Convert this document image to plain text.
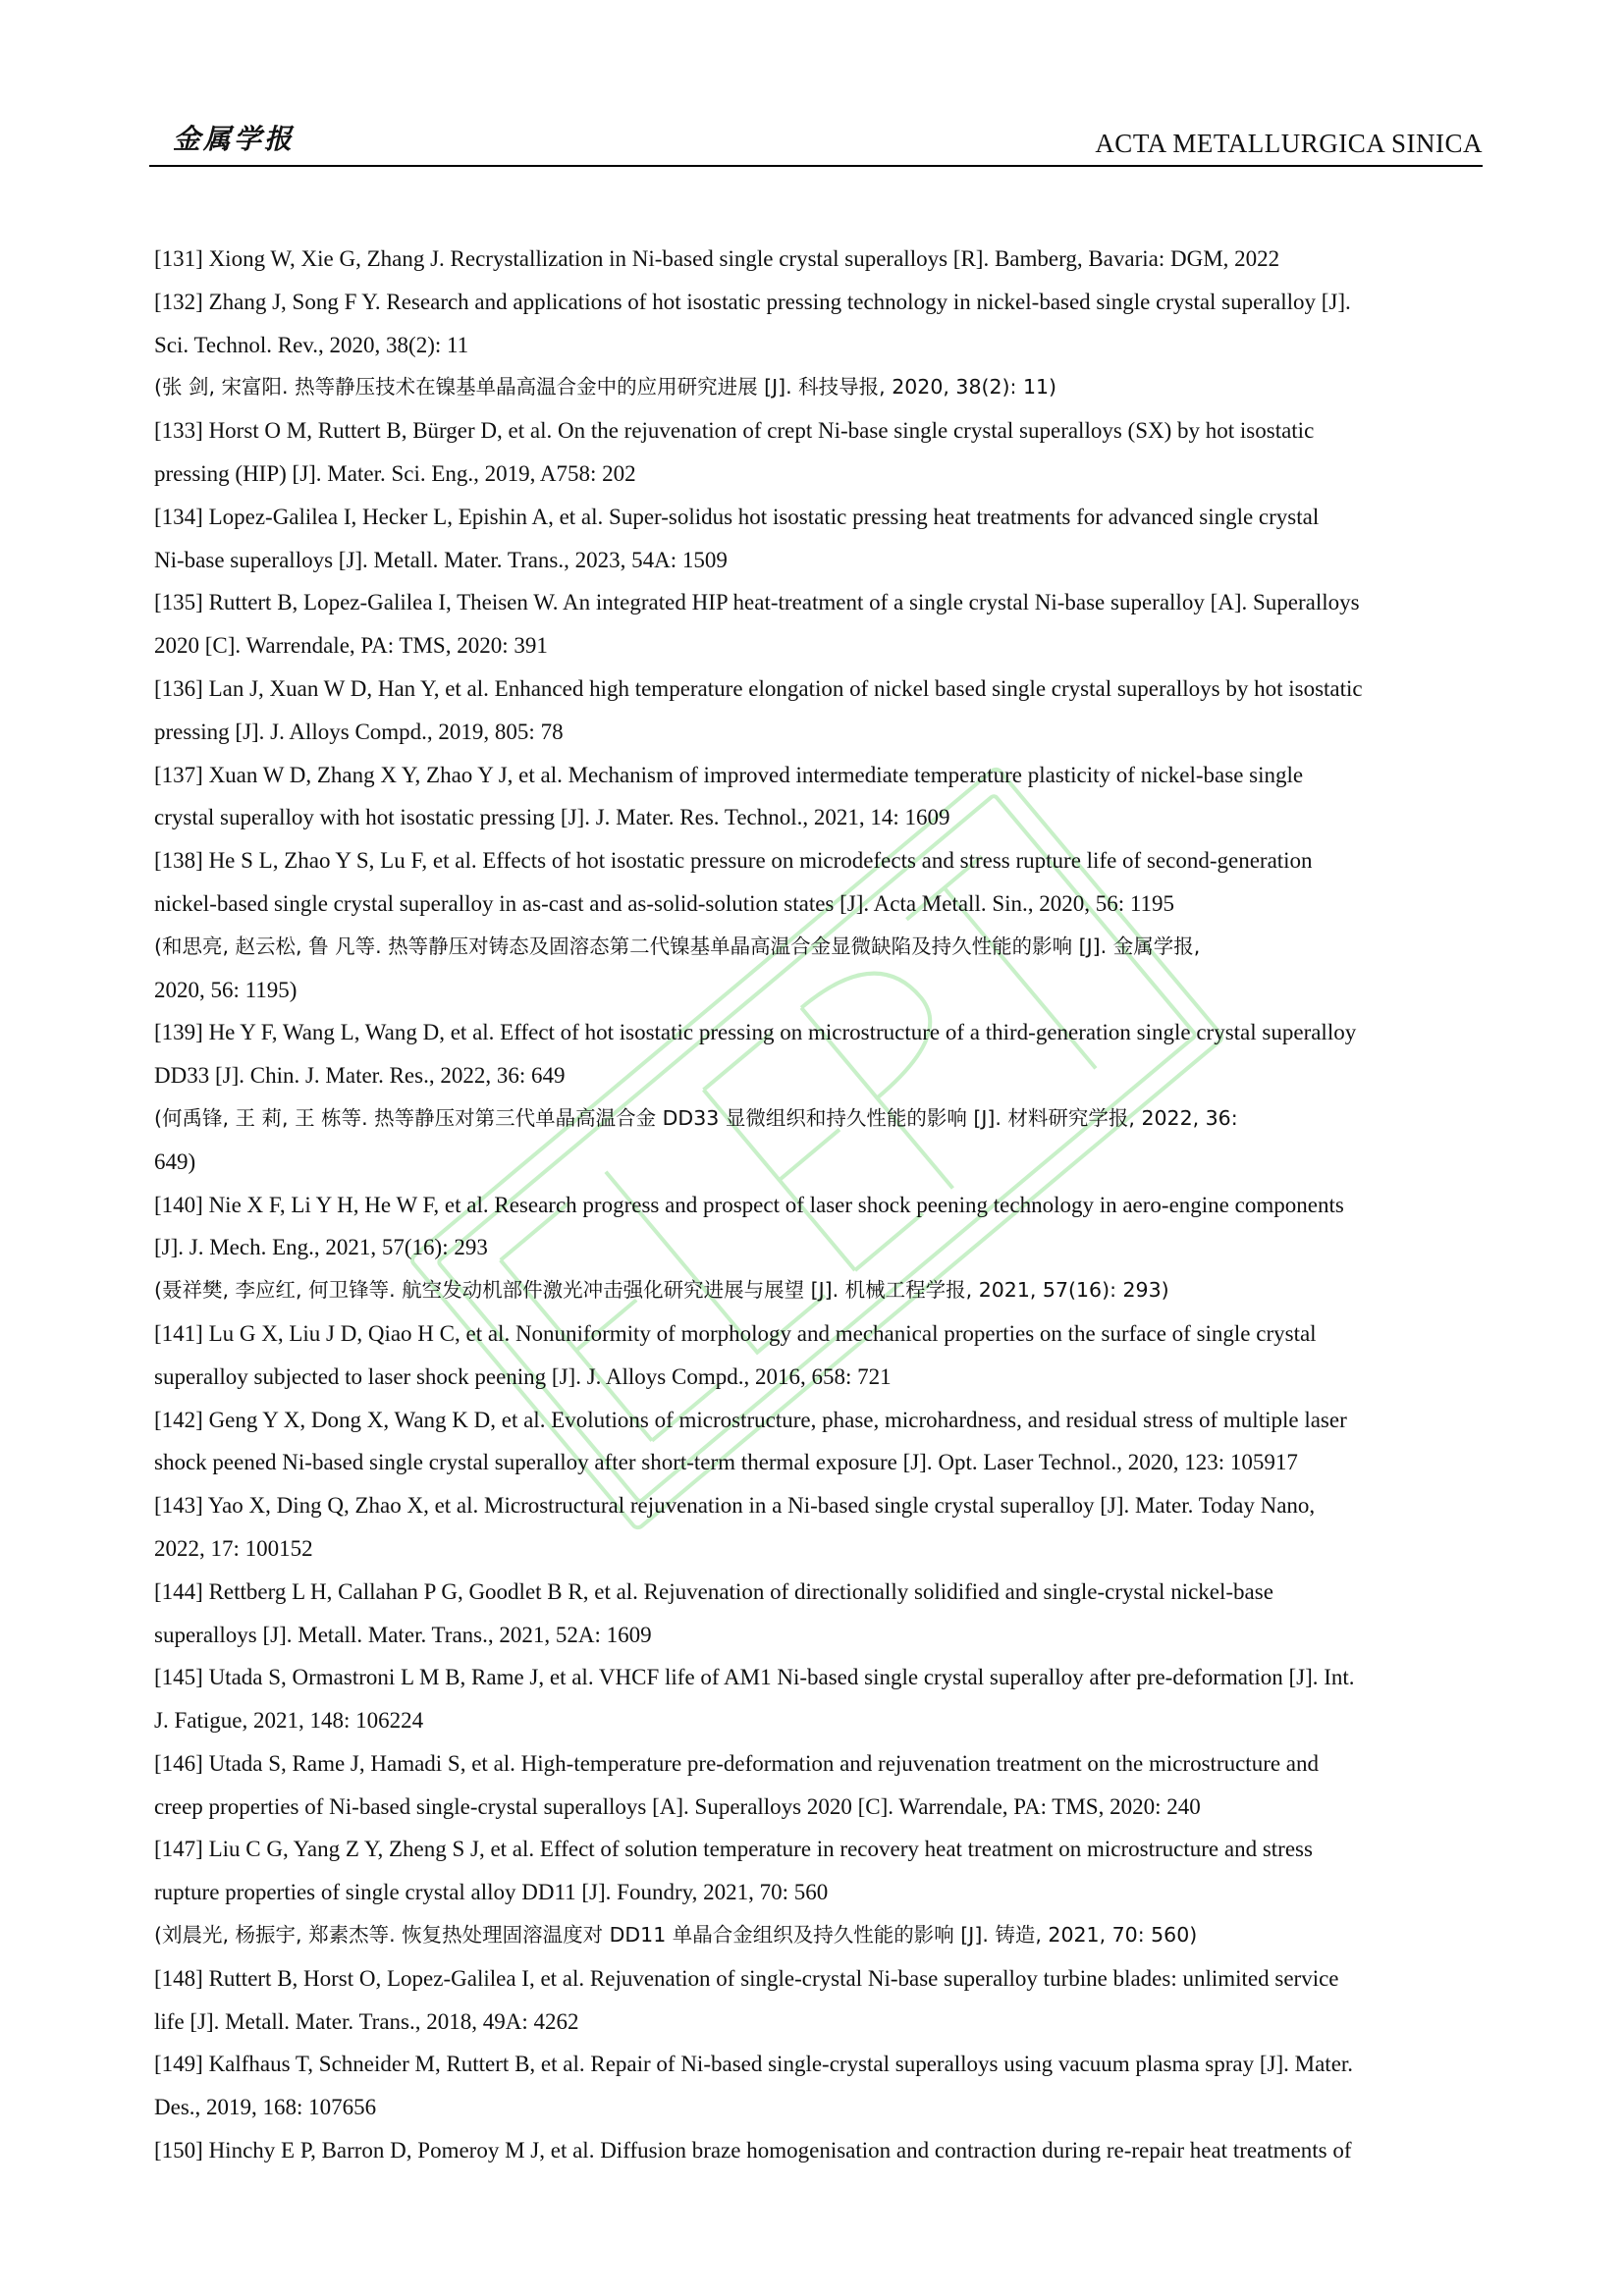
金属学报	ACTA METALLURGICA SINICA
[131] Xiong W, Xie G, Zhang J. Recrystallization in Ni-based single crystal superalloys [R]. Bamberg, Bavaria: DGM, 2022
[132] Zhang J, Song F Y. Research and applications of hot isostatic pressing technology in nickel-based single crystal superalloy [J].
Sci. Technol. Rev., 2020, 38(2): 11
(张 剑, 宋富阳. 热等静压技术在镍基单晶高温合金中的应用研究进展 [J]. 科技导报, 2020, 38(2): 11)
[133] Horst O M, Ruttert B, Bürger D, et al. On the rejuvenation of crept Ni-base single crystal superalloys (SX) by hot isostatic
pressing (HIP) [J]. Mater. Sci. Eng., 2019, A758: 202
[134] Lopez-Galilea I, Hecker L, Epishin A, et al. Super-solidus hot isostatic pressing heat treatments for advanced single crystal
Ni-base superalloys [J]. Metall. Mater. Trans., 2023, 54A: 1509
[135] Ruttert B, Lopez-Galilea I, Theisen W. An integrated HIP heat-treatment of a single crystal Ni-base superalloy [A]. Superalloys
2020 [C]. Warrendale, PA: TMS, 2020: 391
[136] Lan J, Xuan W D, Han Y, et al. Enhanced high temperature elongation of nickel based single crystal superalloys by hot isostatic
pressing [J]. J. Alloys Compd., 2019, 805: 78
[137] Xuan W D, Zhang X Y, Zhao Y J, et al. Mechanism of improved intermediate temperature plasticity of nickel-base single
crystal superalloy with hot isostatic pressing [J]. J. Mater. Res. Technol., 2021, 14: 1609
[138] He S L, Zhao Y S, Lu F, et al. Effects of hot isostatic pressure on microdefects and stress rupture life of second-generation
nickel-based single crystal superalloy in as-cast and as-solid-solution states [J]. Acta Metall. Sin., 2020, 56: 1195
(和思亮, 赵云松, 鲁 凡等. 热等静压对铸态及固溶态第二代镍基单晶高温合金显微缺陷及持久性能的影响 [J]. 金属学报,
2020, 56: 1195)
[139] He Y F, Wang L, Wang D, et al. Effect of hot isostatic pressing on microstructure of a third-generation single crystal superalloy
DD33 [J]. Chin. J. Mater. Res., 2022, 36: 649
(何禹锋, 王 莉, 王 栋等. 热等静压对第三代单晶高温合金 DD33 显微组织和持久性能的影响 [J]. 材料研究学报, 2022, 36:
649)
[140] Nie X F, Li Y H, He W F, et al. Research progress and prospect of laser shock peening technology in aero-engine components
[J]. J. Mech. Eng., 2021, 57(16): 293
(聂祥樊, 李应红, 何卫锋等. 航空发动机部件激光冲击强化研究进展与展望 [J]. 机械工程学报, 2021, 57(16): 293)
[141] Lu G X, Liu J D, Qiao H C, et al. Nonuniformity of morphology and mechanical properties on the surface of single crystal
superalloy subjected to laser shock peening [J]. J. Alloys Compd., 2016, 658: 721
[142] Geng Y X, Dong X, Wang K D, et al. Evolutions of microstructure, phase, microhardness, and residual stress of multiple laser
shock peened Ni-based single crystal superalloy after short-term thermal exposure [J]. Opt. Laser Technol., 2020, 123: 105917
[143] Yao X, Ding Q, Zhao X, et al. Microstructural rejuvenation in a Ni-based single crystal superalloy [J]. Mater. Today Nano,
2022, 17: 100152
[144] Rettberg L H, Callahan P G, Goodlet B R, et al. Rejuvenation of directionally solidified and single-crystal nickel-base
superalloys [J]. Metall. Mater. Trans., 2021, 52A: 1609
[145] Utada S, Ormastroni L M B, Rame J, et al. VHCF life of AM1 Ni-based single crystal superalloy after pre-deformation [J]. Int.
J. Fatigue, 2021, 148: 106224
[146] Utada S, Rame J, Hamadi S, et al. High-temperature pre-deformation and rejuvenation treatment on the microstructure and
creep properties of Ni-based single-crystal superalloys [A]. Superalloys 2020 [C]. Warrendale, PA: TMS, 2020: 240
[147] Liu C G, Yang Z Y, Zheng S J, et al. Effect of solution temperature in recovery heat treatment on microstructure and stress
rupture properties of single crystal alloy DD11 [J]. Foundry, 2021, 70: 560
(刘晨光, 杨振宇, 郑素杰等. 恢复热处理固溶温度对 DD11 单晶合金组织及持久性能的影响 [J]. 铸造, 2021, 70: 560)
[148] Ruttert B, Horst O, Lopez-Galilea I, et al. Rejuvenation of single-crystal Ni-base superalloy turbine blades: unlimited service
life [J]. Metall. Mater. Trans., 2018, 49A: 4262
[149] Kalfhaus T, Schneider M, Ruttert B, et al. Repair of Ni-based single-crystal superalloys using vacuum plasma spray [J]. Mater.
Des., 2019, 168: 107656
[150] Hinchy E P, Barron D, Pomeroy M J, et al. Diffusion braze homogenisation and contraction during re-repair heat treatments of
